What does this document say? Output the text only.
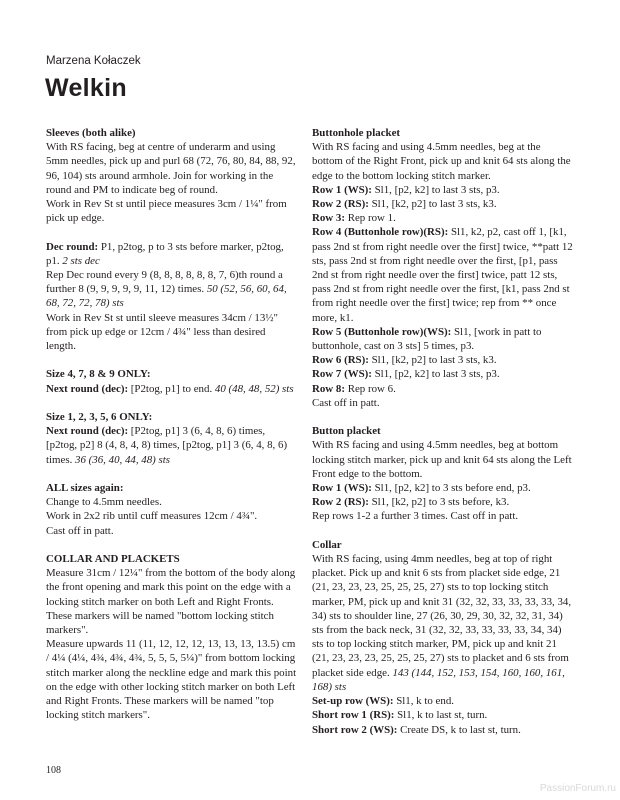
Marzena Kołaczek
Welkin

Sleeves (both alike)

With RS facing, beg at centre of underarm and using 5mm needles, pick up and purl 68 (72, 76, 80, 84, 88, 92, 96, 104) sts around armhole. Join for working in the round and PM to indicate beg of round.

Work in Rev St st until piece measures 3cm / 1¼" from pick up edge.

Dec round: P1, p2tog, p to 3 sts before marker, p2tog, p1. 2 sts dec

Rep Dec round every 9 (8, 8, 8, 8, 8, 8, 7, 6)th round a further 8 (9, 9, 9, 9, 9, 11, 12) times. 50 (52, 56, 60, 64, 68, 72, 72, 78) sts

Work in Rev St st until sleeve measures 34cm / 13½" from pick up edge or 12cm / 4¾" less than desired length.

Size 4, 7, 8 & 9 ONLY:

Next round (dec): [P2tog, p1] to end. 40 (48, 48, 52) sts

Size 1, 2, 3, 5, 6 ONLY:

Next round (dec): [P2tog, p1] 3 (6, 4, 8, 6) times, [p2tog, p2] 8 (4, 8, 4, 8) times, [p2tog, p1] 3 (6, 4, 8, 6) times. 36 (36, 40, 44, 48) sts

ALL sizes again:

Change to 4.5mm needles.

Work in 2x2 rib until cuff measures 12cm / 4¾".

Cast off in patt.

COLLAR AND PLACKETS

Measure 31cm / 12¼" from the bottom of the body along the front opening and mark this point on the edge with a locking stitch marker on both Left and Right Fronts. These markers will be named "bottom locking stitch markers".

Measure upwards 11 (11, 12, 12, 12, 13, 13, 13, 13.5) cm / 4¼ (4¼, 4¾, 4¾, 4¾, 5, 5, 5, 5¼)" from bottom locking stitch marker along the neckline edge and mark this point on the edge with other locking stitch marker on both Left and Right Fronts. These markers will be named "top locking stitch markers".

Buttonhole placket

With RS facing and using 4.5mm needles, beg at the bottom of the Right Front, pick up and knit 64 sts along the edge to the bottom locking stitch marker.

Row 1 (WS): Sl1, [p2, k2] to last 3 sts, p3.

Row 2 (RS): Sl1, [k2, p2] to last 3 sts, k3.

Row 3: Rep row 1.

Row 4 (Buttonhole row)(RS): Sl1, k2, p2, cast off 1, [k1, pass 2nd st from right needle over the first] twice, **patt 12 sts, pass 2nd st from right needle over the first, [p1, pass 2nd st from right needle over the first] twice, patt 12 sts, pass 2nd st from right needle over the first, [k1, pass 2nd st from right needle over the first] twice; rep from ** once more, k1.

Row 5 (Buttonhole row)(WS): Sl1, [work in patt to buttonhole, cast on 3 sts] 5 times, p3.

Row 6 (RS): Sl1, [k2, p2] to last 3 sts, k3.

Row 7 (WS): Sl1, [p2, k2] to last 3 sts, p3.

Row 8: Rep row 6.

Cast off in patt.

Button placket

With RS facing and using 4.5mm needles, beg at bottom locking stitch marker, pick up and knit 64 sts along the Left Front edge to the bottom.

Row 1 (WS): Sl1, [p2, k2] to 3 sts before end, p3.

Row 2 (RS): Sl1, [k2, p2] to 3 sts before, k3.

Rep rows 1-2 a further 3 times. Cast off in patt.

Collar

With RS facing, using 4mm needles, beg at top of right placket. Pick up and knit 6 sts from placket side edge, 21 (21, 23, 23, 23, 25, 25, 25, 27) sts to top locking stitch marker, PM, pick up and knit 31 (32, 32, 33, 33, 33, 33, 34, 34) sts to shoulder line, 27 (26, 30, 29, 30, 32, 32, 31, 34) sts from the back neck, 31 (32, 32, 33, 33, 33, 33, 34, 34) sts to top locking stitch marker, PM, pick up and knit 21 (21, 23, 23, 23, 25, 25, 25, 27) sts to placket and 6 sts from placket side edge. 143 (144, 152, 153, 154, 160, 160, 161, 168) sts

Set-up row (WS): Sl1, k to end.

Short row 1 (RS): Sl1, k to last st, turn.

Short row 2 (WS): Create DS, k to last st, turn.

108
PassionForum.ru
